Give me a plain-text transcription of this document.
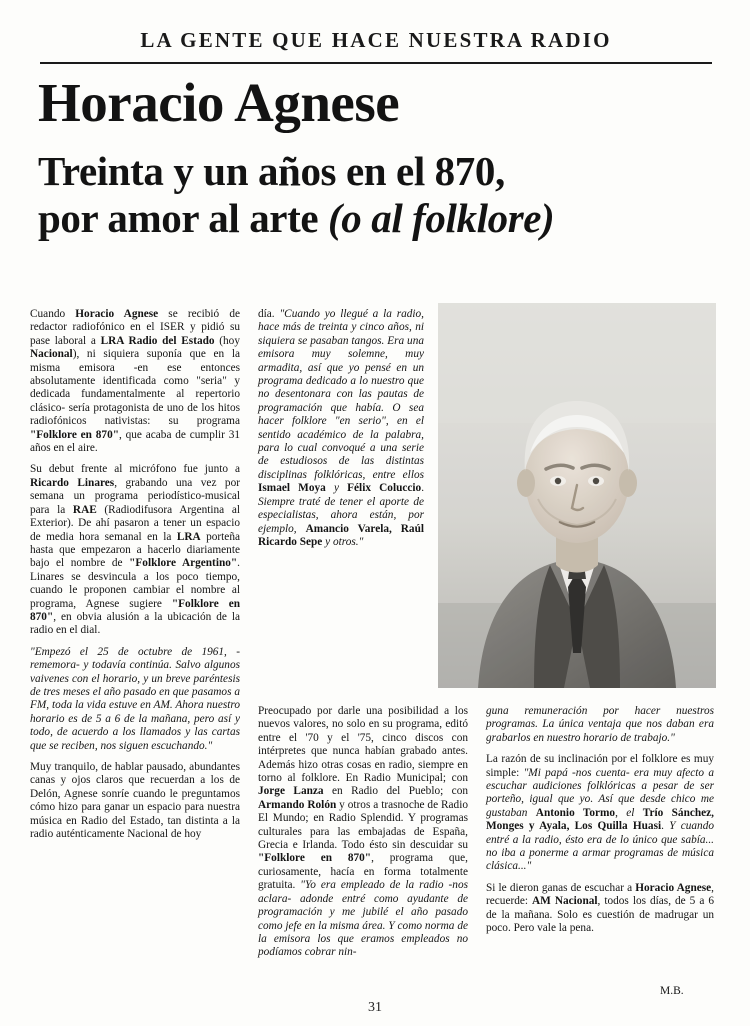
LA GENTE QUE HACE NUESTRA RADIO
Horacio Agnese
Treinta y un años en el 870,
por amor al arte (o al folklore)

Cuando Horacio Agnese se recibió de redactor radiofónico en el ISER y pidió su pase laboral a LRA Radio del Estado (hoy Nacional), ni siquiera suponía que en la misma emisora -en ese entonces absolutamente identificada como "seria" y dedicada fundamentalmente al repertorio clásico- sería protagonista de uno de los hitos radiofónicos nativistas: su programa "Folklore en 870", que acaba de cumplir 31 años en el aire.

Su debut frente al micrófono fue junto a Ricardo Linares, grabando una vez por semana un programa periodístico-musical para la RAE (Radiodifusora Argentina al Exterior). De ahí pasaron a tener un espacio de media hora semanal en la LRA porteña hasta que empezaron a hacerlo diariamente bajo el nombre de "Folklore Argentino". Linares se desvincula a los poco tiempo, cuando le proponen cambiar el nombre al programa, Agnese sugiere "Folklore en 870", en obvia alusión a la ubicación de la radio en el dial.

"Empezó el 25 de octubre de 1961, -rememora- y todavía continúa. Salvo algunos vaivenes con el horario, y un breve paréntesis de tres meses el año pasado en que pasamos a FM, toda la vida estuve en AM. Ahora nuestro horario es de 5 a 6 de la mañana, pero así y todo, de acuerdo a los llamados y las cartas que se reciben, nos siguen escuchando."

Muy tranquilo, de hablar pausado, abundantes canas y ojos claros que recuerdan a los de Delón, Agnese sonríe cuando le preguntamos cómo hizo para ganar un espacio para nuestra música en Radio del Estado, tan distinta a la radio auténticamente Nacional de hoy

día. "Cuando yo llegué a la radio, hace más de treinta y cinco años, ni siquiera se pasaban tangos. Era una emisora muy solemne, muy armadita, así que yo pensé en un programa dedicado a lo nuestro que no desentonara con las pautas de programación que había. O sea hacer folklore "en serio", en el sentido académico de la palabra, para lo cual convoqué a una serie de estudiosos de las distintas disciplinas folklóricas, entre ellos Ismael Moya y Félix Coluccio. Siempre traté de tener el aporte de especialistas, ahora están, por ejemplo, Amancio Varela, Raúl Ricardo Sepe y otros."

Preocupado por darle una posibilidad a los nuevos valores, no solo en su programa, editó entre el '70 y el '75, cinco discos con intérpretes que nunca habían grabado antes. Además hizo otras cosas en radio, siempre en torno al folklore. En Radio Municipal; con Jorge Lanza en Radio del Pueblo; con Armando Rolón y otros a trasnoche de Radio El Mundo; en Radio Splendid. Y programas culturales para las embajadas de España, Grecia e Irlanda. Todo ésto sin descuidar su "Folklore en 870", programa que, curiosamente, hacía en forma totalmente gratuita. "Yo era empleado de la radio -nos aclara- adonde entré como ayudante de programación y me jubilé el año pasado como jefe en la misma área. Y como norma de la emisora los que eramos empleados no podíamos cobrar nin-

guna remuneración por hacer nuestros programas. La única ventaja que nos daban era grabarlos en nuestro horario de trabajo."

La razón de su inclinación por el folklore es muy simple: "Mi papá -nos cuenta- era muy afecto a escuchar audiciones folklóricas a pesar de ser porteño, igual que yo. Así que desde chico me gustaban Antonio Tormo, el Trío Sánchez, Monges y Ayala, Los Quilla Huasi. Y cuando entré a la radio, ésto era de lo único que sabía... no iba a ponerme a armar programas de música clásica..."

Si le dieron ganas de escuchar a Horacio Agnese, recuerde: AM Nacional, todos los días, de 5 a 6 de la mañana. Solo es cuestión de madrugar un poco. Pero vale la pena.

M.B.
31
